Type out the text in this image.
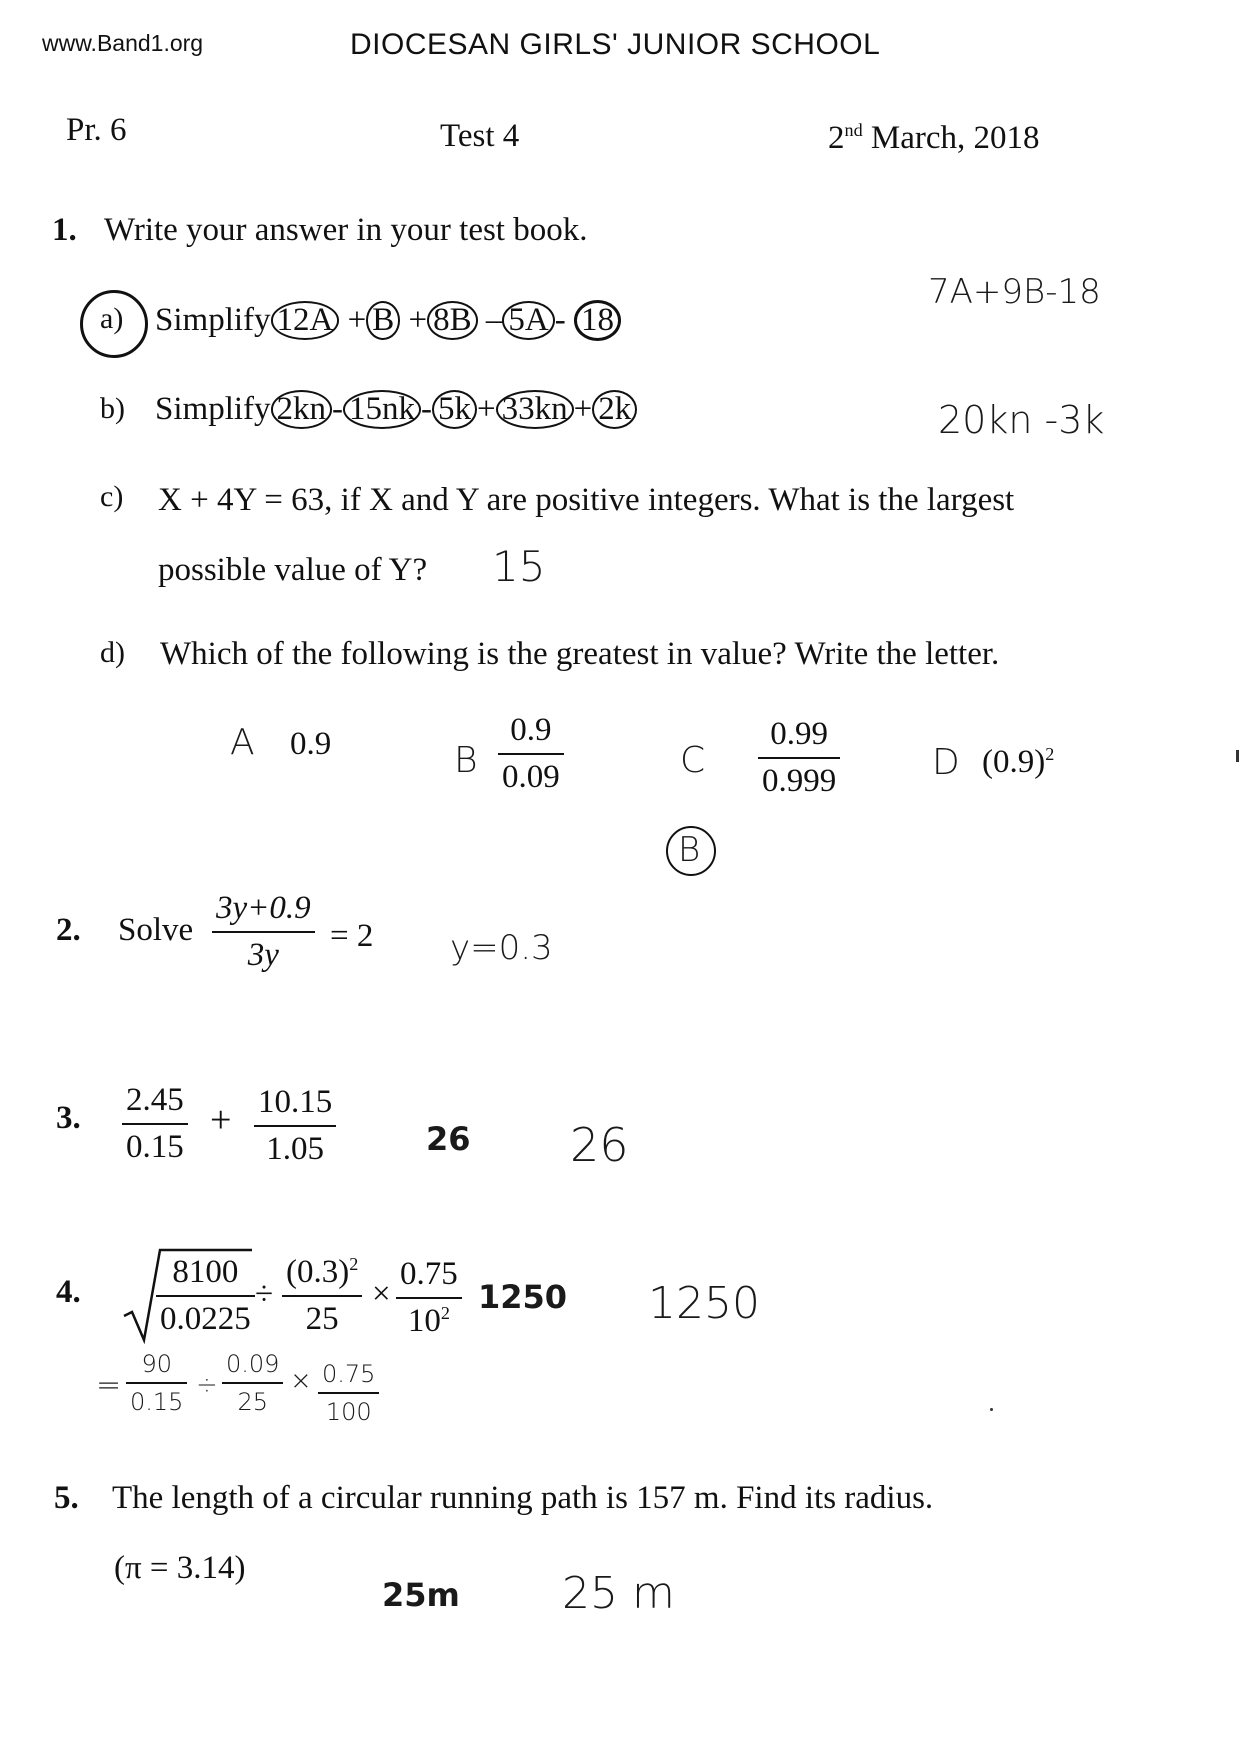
www.Band1.org	DIOCESAN GIRLS' JUNIOR SCHOOL
Pr. 6	Test 4	2nd March, 2018
1. Write your answer in your test book.
a) Simplify 12A + B + 8B – 5A - 18
7A+9B-18
b) Simplify 2kn - 15nk - 5k + 33kn + 2k	20kn -3k
c) X + 4Y = 63, if X and Y are positive integers. What is the largest
possible value of Y? 15
d) Which of the following is the greatest in value? Write the letter.
A 0.9	B
0.9
0.09	C
0.99
0.999	D $(0.9)^2$
B
2. Solve
3y+0.9
3y
= 2 y=0.3
3. 2.45
0.15
+ 10.15
1.05	26 26
4.
8100
0.0225
÷
$(0.3)^2$
25
×
0.75
$10^2$ 1250 1250
=
90
0.15
÷
0.09
25
× 0.75
100
5. The length of a circular running path is 157 m. Find its radius.
(π = 3.14)
25m 25 m
